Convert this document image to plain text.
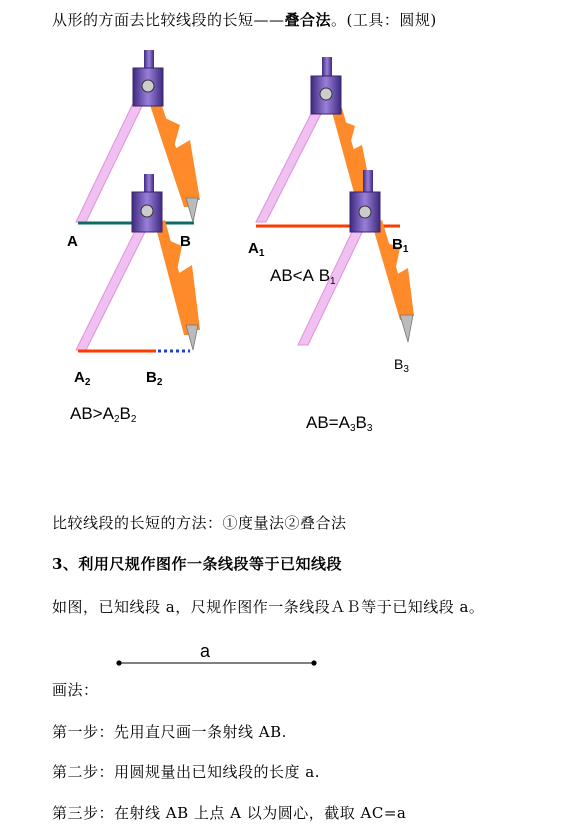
从形的方面去比较线段的长短——叠合法。(工具：圆规)
A	B	$A_1$
$B_1$
AB<A $B_1$
$A_2$	$B_2$
$B_3$
$AB>A_2B_2$	$AB=A_3B_3$
比较线段的长短的方法：①度量法②叠合法
3、利用尺规作图作一条线段等于已知线段
如图，已知线段 a，尺规作图作一条线段ＡＢ等于已知线段 a。
a
画法：
第一步：先用直尺画一条射线 AB.
第二步：用圆规量出已知线段的长度 a.
第三步：在射线 AB 上点 A 以为圆心，截取 AC=a
